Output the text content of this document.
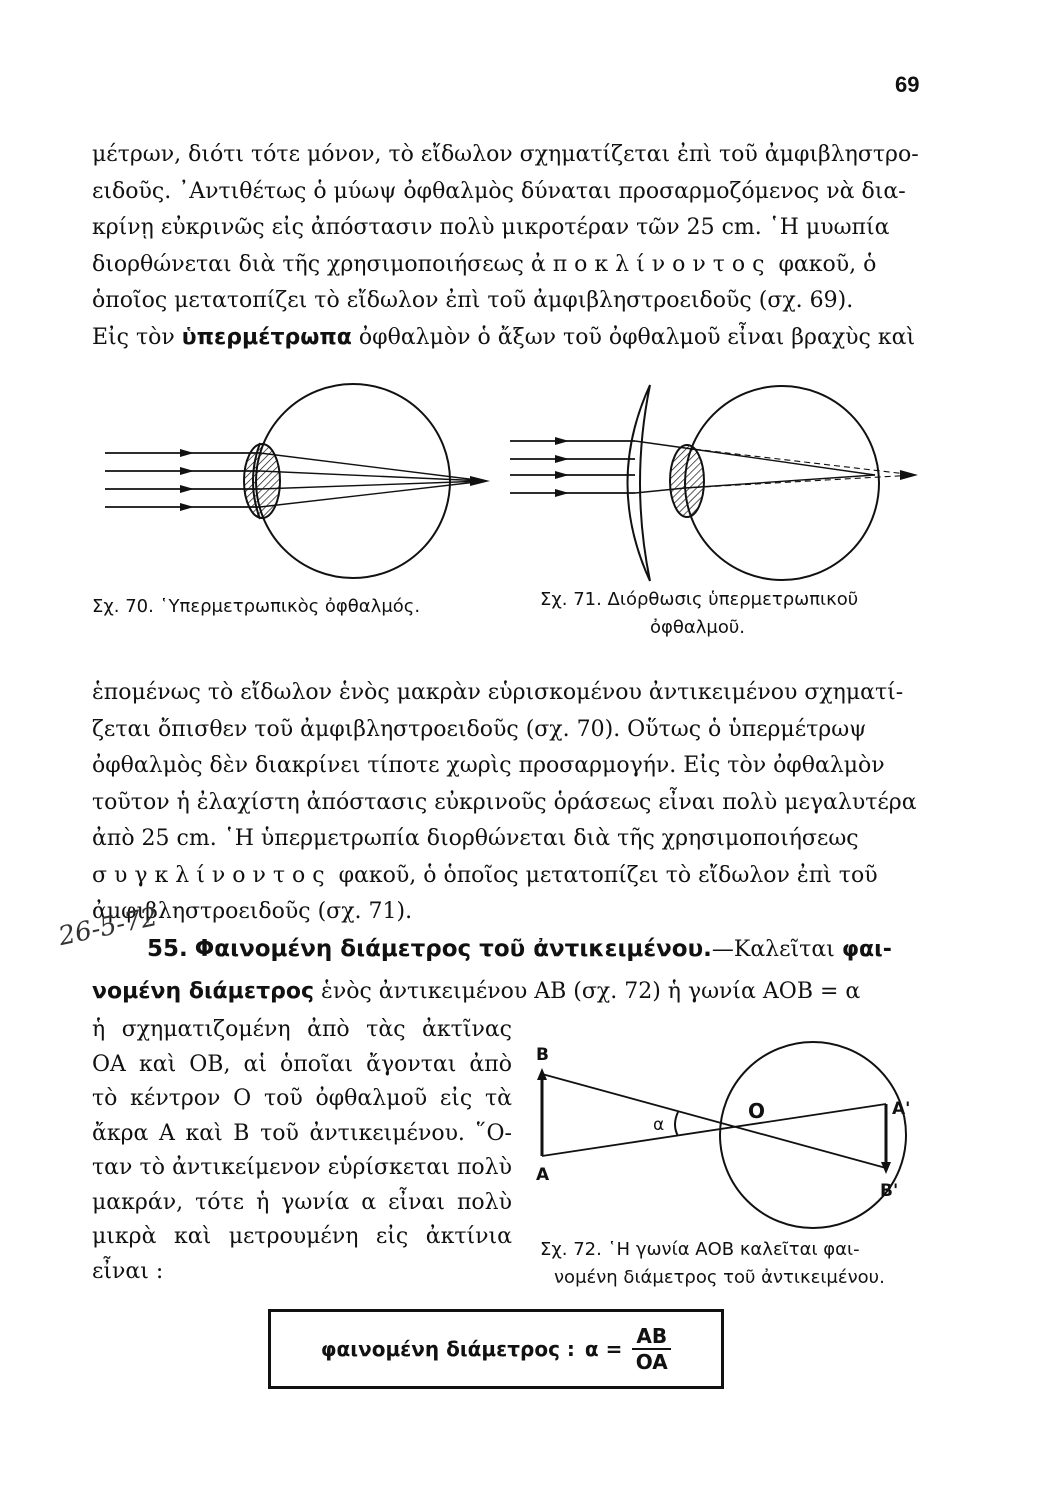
69
μέτρων, διότι τότε μόνον, τὸ εἴδωλον σχηματίζεται ἐπὶ τοῦ ἀμφιβληστρο-
ειδοῦς. ᾿Αντιθέτως ὁ μύωψ ὀφθαλμὸς δύναται προσαρμοζόμενος νὰ δια-
κρίνῃ εὐκρινῶς εἰς ἀπόστασιν πολὺ μικροτέραν τῶν 25 cm. ῾Η μυωπία
διορθώνεται διὰ τῆς χρησιμοποιήσεως ἀποκλίνοντος φακοῦ, ὁ
ὁποῖος μετατοπίζει τὸ εἴδωλον ἐπὶ τοῦ ἀμφιβληστροειδοῦς (σχ. 69).
Εἰς τὸν ὑπερμέτρωπα ὀφθαλμὸν ὁ ἄξων τοῦ ὀφθαλμοῦ εἶναι βραχὺς καὶ
Σχ. 70. ῾Υπερμετρωπικὸς ὀφθαλμός.	Σχ. 71. Διόρθωσις ὑπερμετρωπικοῦ
ὀφθαλμοῦ.
ἑπομένως τὸ εἴδωλον ἑνὸς μακρὰν εὑρισκομένου ἀντικειμένου σχηματί-
ζεται ὄπισθεν τοῦ ἀμφιβληστροειδοῦς (σχ. 70). Οὕτως ὁ ὑπερμέτρωψ
ὀφθαλμὸς δὲν διακρίνει τίποτε χωρὶς προσαρμογήν. Εἰς τὸν ὀφθαλμὸν
τοῦτον ἡ ἐλαχίστη ἀπόστασις εὐκρινοῦς ὁράσεως εἶναι πολὺ μεγαλυτέρα
ἀπὸ 25 cm. ῾Η ὑπερμετρωπία διορθώνεται διὰ τῆς χρησιμοποιήσεως
συγκλίνοντος φακοῦ, ὁ ὁποῖος μετατοπίζει τὸ εἴδωλον ἐπὶ τοῦ
ἀμφιβληστροειδοῦς (σχ. 71).
26-5-72
55. Φαινομένη διάμετρος τοῦ ἀντικειμένου.—Καλεῖται φαι-
νομένη διάμετρος ἑνὸς ἀντικειμένου ΑΒ (σχ. 72) ἡ γωνία ΑΟΒ = α
ἡ σχηματιζομένη ἀπὸ τὰς ἀκτῖνας
ΟΑ καὶ ΟΒ, αἱ ὁποῖαι ἄγονται ἀπὸ
τὸ κέντρον Ο τοῦ ὀφθαλμοῦ εἰς τὰ
ἄκρα Α καὶ Β τοῦ ἀντικειμένου. ῞Ο-
ταν τὸ ἀντικείμενον εὑρίσκεται πολὺ
μακράν, τότε ἡ γωνία α εἶναι πολὺ
μικρὰ καὶ μετρουμένη εἰς ἀκτίνια
εἶναι :
B
A
α
O	A'
B'
Σχ. 72. ῾Η γωνία ΑΟΒ καλεῖται φαι-
νομένη διάμετρος τοῦ ἀντικειμένου.
φαινομένη διάμετρος : $\alpha = \frac{AB}{OA}$
